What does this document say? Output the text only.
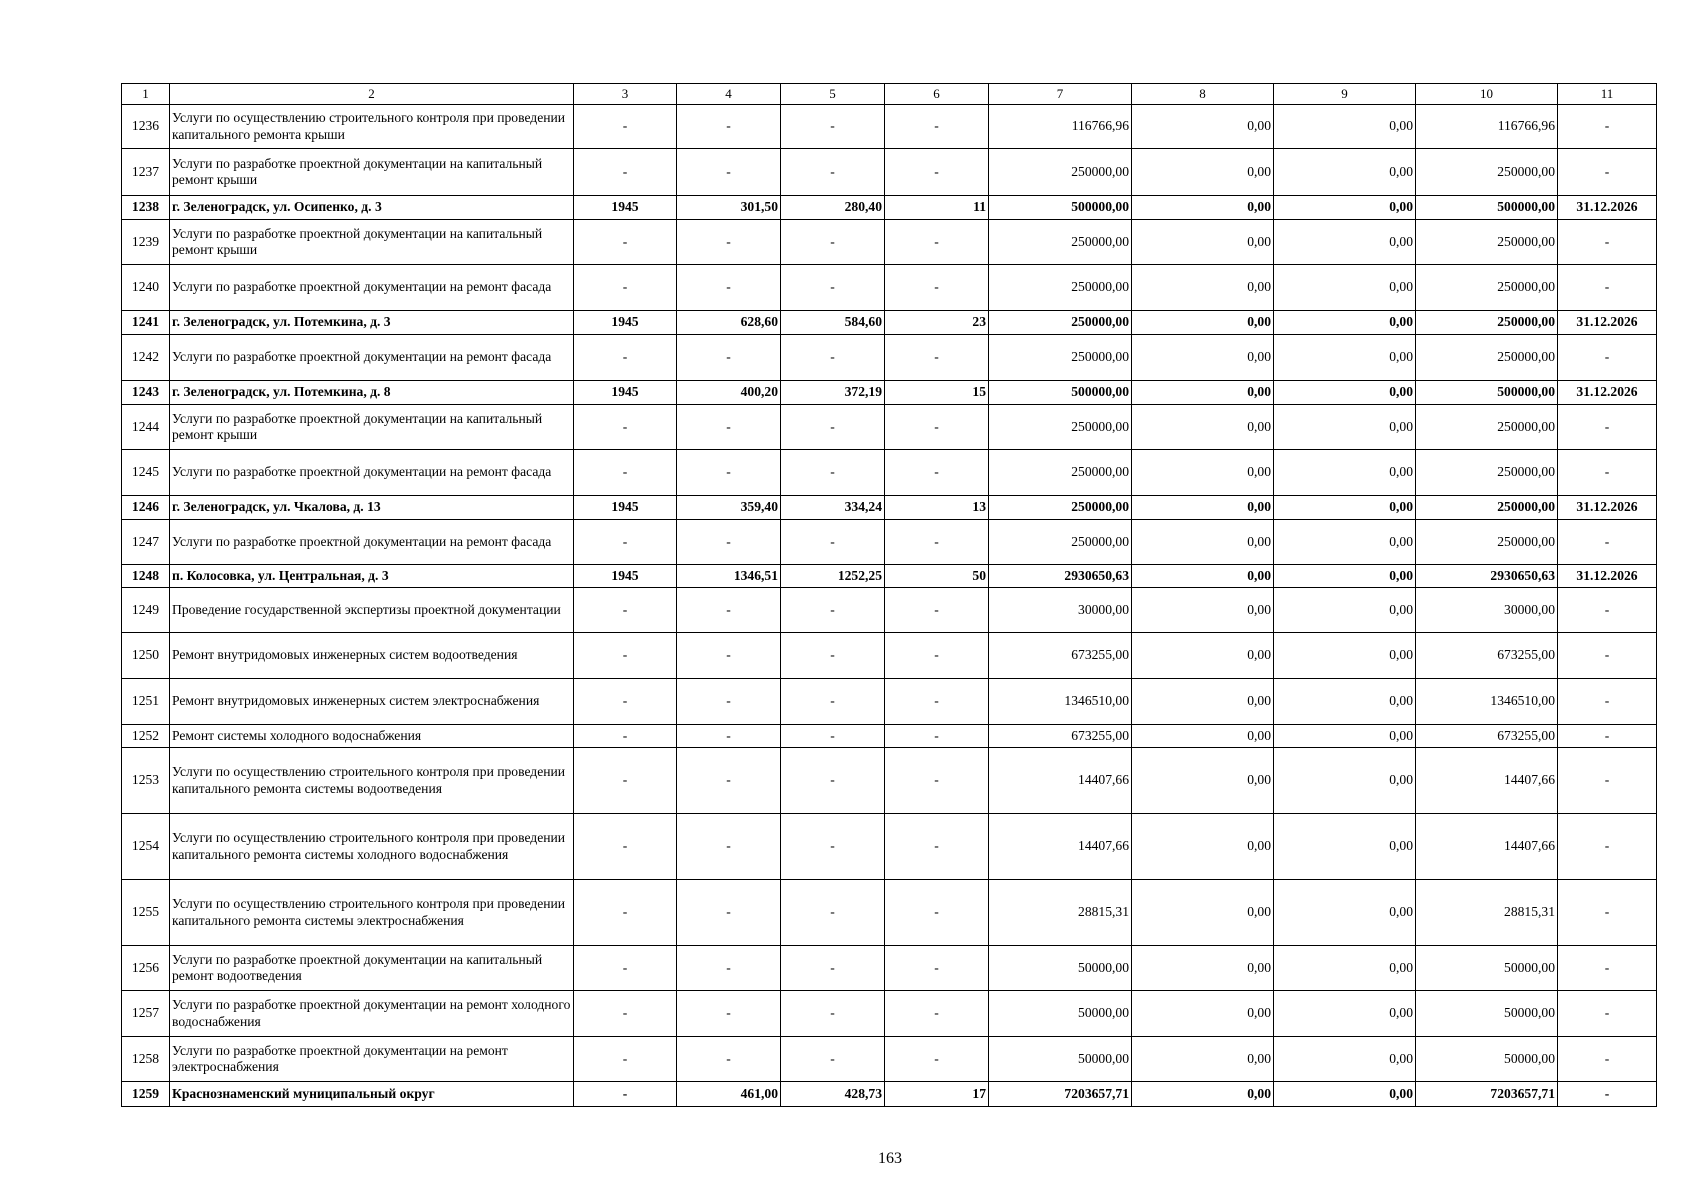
1	2	3	4	5	6	7	8	9	10	11
1236	Услуги по осуществлению строительного контроля при проведении капитального ремонта крыши	-	-	-	-	116766,96	0,00	0,00	116766,96	-
1237	Услуги по разработке проектной документации на капитальный ремонт крыши	-	-	-	-	250000,00	0,00	0,00	250000,00	-
1238	г. Зеленоградск, ул. Осипенко, д. 3	1945	301,50	280,40	11	500000,00	0,00	0,00	500000,00	31.12.2026
1239	Услуги по разработке проектной документации на капитальный ремонт крыши	-	-	-	-	250000,00	0,00	0,00	250000,00	-
1240	Услуги по разработке проектной документации на ремонт фасада	-	-	-	-	250000,00	0,00	0,00	250000,00	-
1241	г. Зеленоградск, ул. Потемкина, д. 3	1945	628,60	584,60	23	250000,00	0,00	0,00	250000,00	31.12.2026
1242	Услуги по разработке проектной документации на ремонт фасада	-	-	-	-	250000,00	0,00	0,00	250000,00	-
1243	г. Зеленоградск, ул. Потемкина, д. 8	1945	400,20	372,19	15	500000,00	0,00	0,00	500000,00	31.12.2026
1244	Услуги по разработке проектной документации на капитальный ремонт крыши	-	-	-	-	250000,00	0,00	0,00	250000,00	-
1245	Услуги по разработке проектной документации на ремонт фасада	-	-	-	-	250000,00	0,00	0,00	250000,00	-
1246	г. Зеленоградск, ул. Чкалова, д. 13	1945	359,40	334,24	13	250000,00	0,00	0,00	250000,00	31.12.2026
1247	Услуги по разработке проектной документации на ремонт фасада	-	-	-	-	250000,00	0,00	0,00	250000,00	-
1248	п. Колосовка, ул. Центральная, д. 3	1945	1346,51	1252,25	50	2930650,63	0,00	0,00	2930650,63	31.12.2026
1249	Проведение государственной экспертизы проектной документации	-	-	-	-	30000,00	0,00	0,00	30000,00	-
1250	Ремонт внутридомовых инженерных систем водоотведения	-	-	-	-	673255,00	0,00	0,00	673255,00	-
1251	Ремонт внутридомовых инженерных систем электроснабжения	-	-	-	-	1346510,00	0,00	0,00	1346510,00	-
1252	Ремонт системы холодного водоснабжения	-	-	-	-	673255,00	0,00	0,00	673255,00	-
1253	Услуги по осуществлению строительного контроля при проведении капитального ремонта системы водоотведения	-	-	-	-	14407,66	0,00	0,00	14407,66	-
1254	Услуги по осуществлению строительного контроля при проведении капитального ремонта системы холодного водоснабжения	-	-	-	-	14407,66	0,00	0,00	14407,66	-
1255	Услуги по осуществлению строительного контроля при проведении капитального ремонта системы электроснабжения	-	-	-	-	28815,31	0,00	0,00	28815,31	-
1256	Услуги по разработке проектной документации на капитальный ремонт водоотведения	-	-	-	-	50000,00	0,00	0,00	50000,00	-
1257	Услуги по разработке проектной документации на ремонт холодного водоснабжения	-	-	-	-	50000,00	0,00	0,00	50000,00	-
1258	Услуги по разработке проектной документации на ремонт электроснабжения	-	-	-	-	50000,00	0,00	0,00	50000,00	-
1259	Краснознаменский муниципальный округ	-	461,00	428,73	17	7203657,71	0,00	0,00	7203657,71	-
163
